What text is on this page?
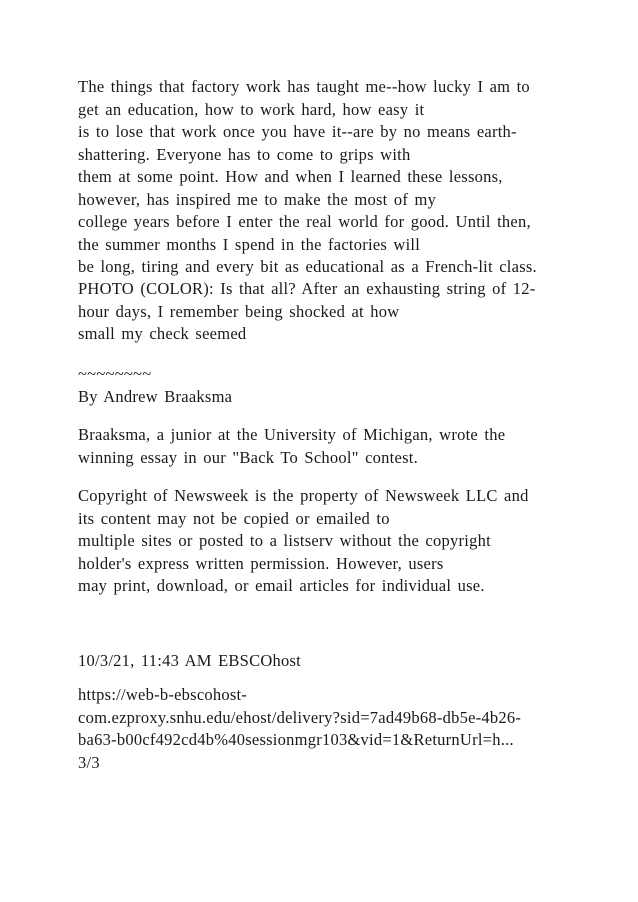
The things that factory work has taught me--how lucky I am to
get an education, how to work hard, how easy it
is to lose that work once you have it--are by no means earth-
shattering. Everyone has to come to grips with
them at some point. How and when I learned these lessons,
however, has inspired me to make the most of my
college years before I enter the real world for good. Until then,
the summer months I spend in the factories will
be long, tiring and every bit as educational as a French-lit class.
PHOTO (COLOR): Is that all? After an exhausting string of 12-
hour days, I remember being shocked at how
small my check seemed
~~~~~~~~
By Andrew Braaksma
Braaksma, a junior at the University of Michigan, wrote the
winning essay in our "Back To School" contest.
Copyright of Newsweek is the property of Newsweek LLC and
its content may not be copied or emailed to
multiple sites or posted to a listserv without the copyright
holder's express written permission. However, users
may print, download, or email articles for individual use.
10/3/21, 11:43 AM EBSCOhost
https://web-b-ebscohost-
com.ezproxy.snhu.edu/ehost/delivery?sid=7ad49b68-db5e-4b26-
ba63-b00cf492cd4b%40sessionmgr103&vid=1&ReturnUrl=h...
3/3
